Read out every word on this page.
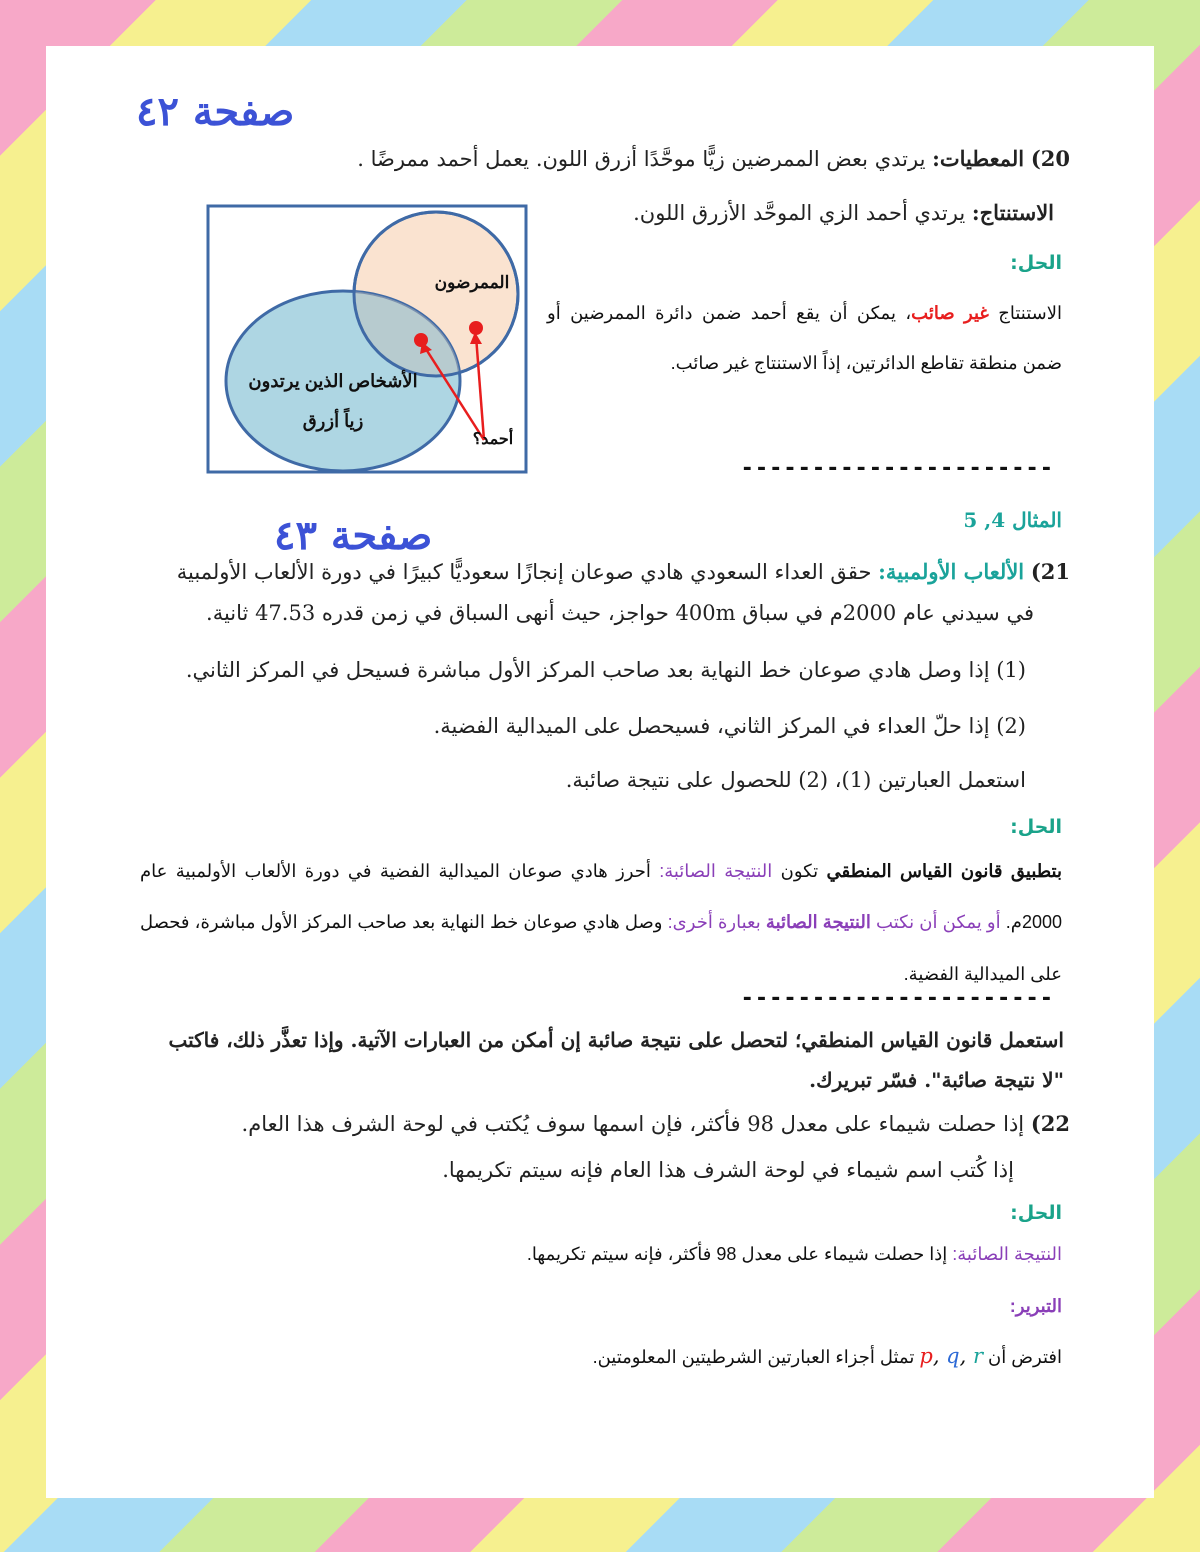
صفحة ٤٢
20) المعطيات: يرتدي بعض الممرضين زيًّا موحَّدًا أزرق اللون. يعمل أحمد ممرضًا .
الاستنتاج: يرتدي أحمد الزي الموحَّد الأزرق اللون.
الممرضون
الأشخاص الذين يرتدون
زياً أزرق
أحمد؟
الحل:
الاستنتاج غير صائب، يمكن أن يقع أحمد ضمن دائرة الممرضين أو ضمن منطقة تقاطع الدائرتين، إذاً الاستنتاج غير صائب.
----------------------
صفحة ٤٣	المثال 4, 5
21) الألعاب الأولمبية: حقق العداء السعودي هادي صوعان إنجازًا سعوديًّا كبيرًا في دورة الألعاب الأولمبية
في سيدني عام 2000م في سباق 400m حواجز، حيث أنهى السباق في زمن قدره 47.53 ثانية.
(1) إذا وصل هادي صوعان خط النهاية بعد صاحب المركز الأول مباشرة فسيحل في المركز الثاني.
(2) إذا حلّ العداء في المركز الثاني، فسيحصل على الميدالية الفضية.
استعمل العبارتين (1)، (2) للحصول على نتيجة صائبة.
الحل:
بتطبيق قانون القياس المنطقي تكون النتيجة الصائبة: أحرز هادي صوعان الميدالية الفضية في دورة الألعاب الأولمبية عام 2000م. أو يمكن أن نكتب النتيجة الصائبة بعبارة أخرى: وصل هادي صوعان خط النهاية بعد صاحب المركز الأول مباشرة، فحصل على الميدالية الفضية.
----------------------
استعمل قانون القياس المنطقي؛ لتحصل على نتيجة صائبة إن أمكن من العبارات الآتية. وإذا تعذَّر ذلك، فاكتب
"لا نتيجة صائبة". فسّر تبريرك.
22) إذا حصلت شيماء على معدل 98 فأكثر، فإن اسمها سوف يُكتب في لوحة الشرف هذا العام.
إذا كُتب اسم شيماء في لوحة الشرف هذا العام فإنه سيتم تكريمها.
الحل:
النتيجة الصائبة: إذا حصلت شيماء على معدل 98 فأكثر، فإنه سيتم تكريمها.
التبرير:
افترض أن p, q, r تمثل أجزاء العبارتين الشرطيتين المعلومتين.
